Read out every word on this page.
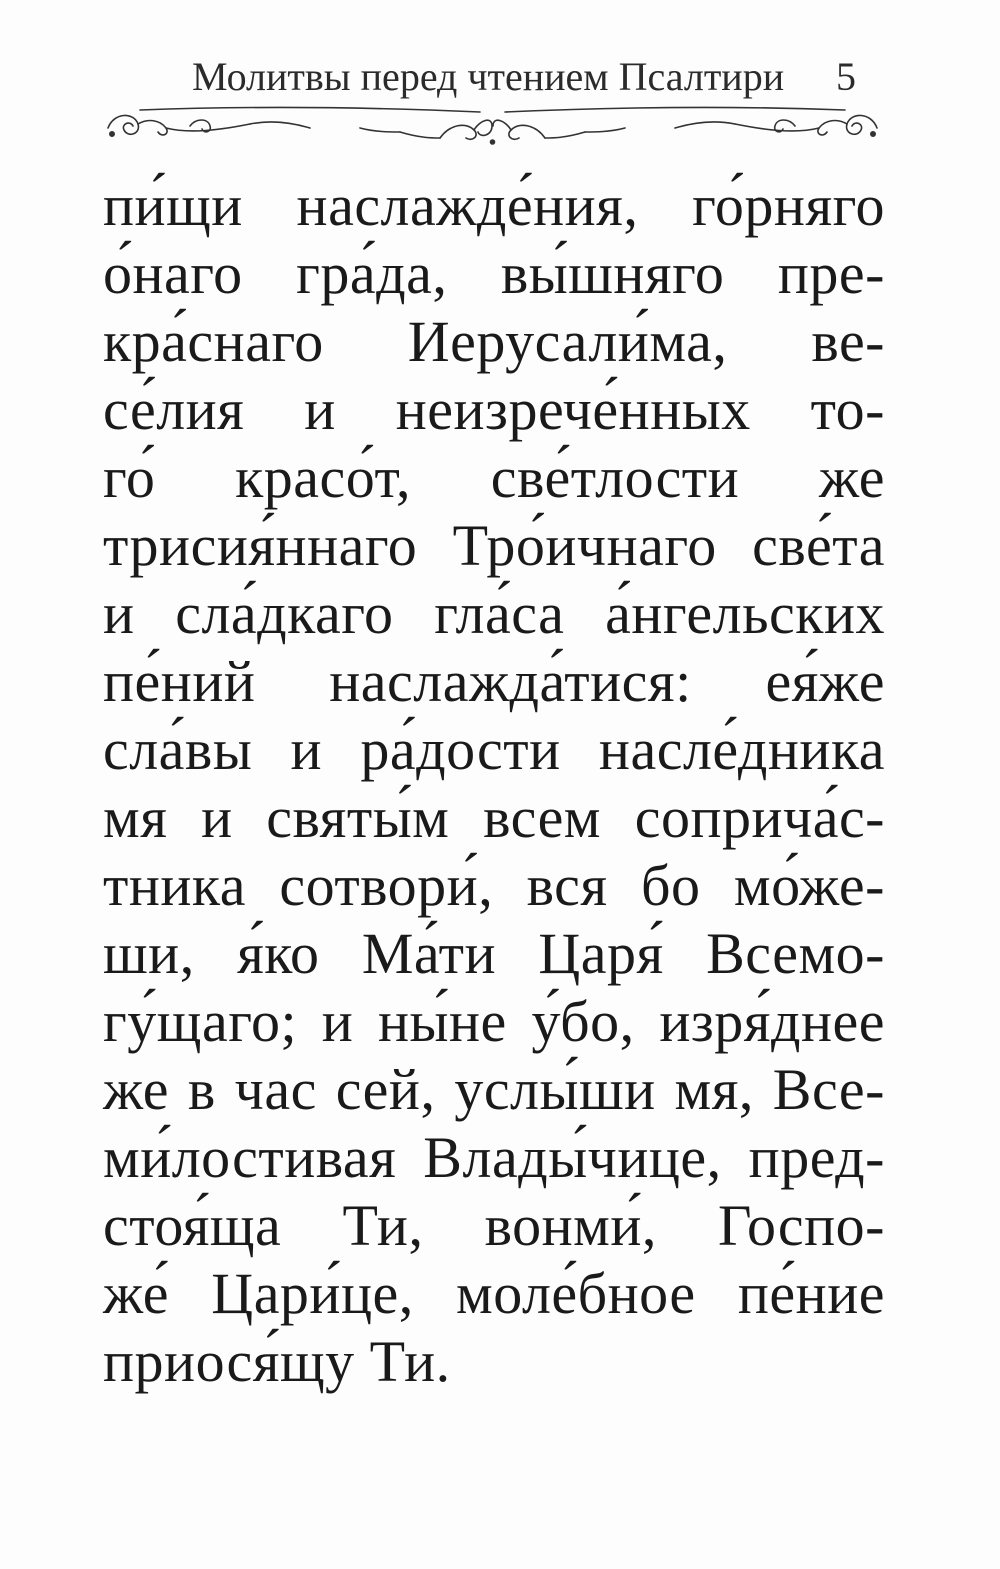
Молитвы перед чтением Псалтири 5
пи́щи наслажде́ния, го́рняго
о́наго гра́да, вы́шняго пре-
кра́снаго Иерусали́ма, ве-
се́лия и неизрече́нных то-
го́ красо́т, све́тлости же
трисия́ннаго Тро́ичнаго све́та
и сла́дкаго гла́са а́нгельских
пе́ний наслажда́тися: ея́же
сла́вы и ра́дости насле́дника
мя и святы́м всем соприча́с-
тника сотвори́, вся бо мо́же-
ши, я́ко Ма́ти Царя́ Всемо-
гу́щаго; и ны́не у́бо, изря́днее
же в час сей, услы́ши мя, Все-
ми́лостивая Влады́чице, пред-
стоя́ща Ти, вонми́, Госпо-
же́ Цари́це, моле́бное пе́ние
приося́щу Ти.
